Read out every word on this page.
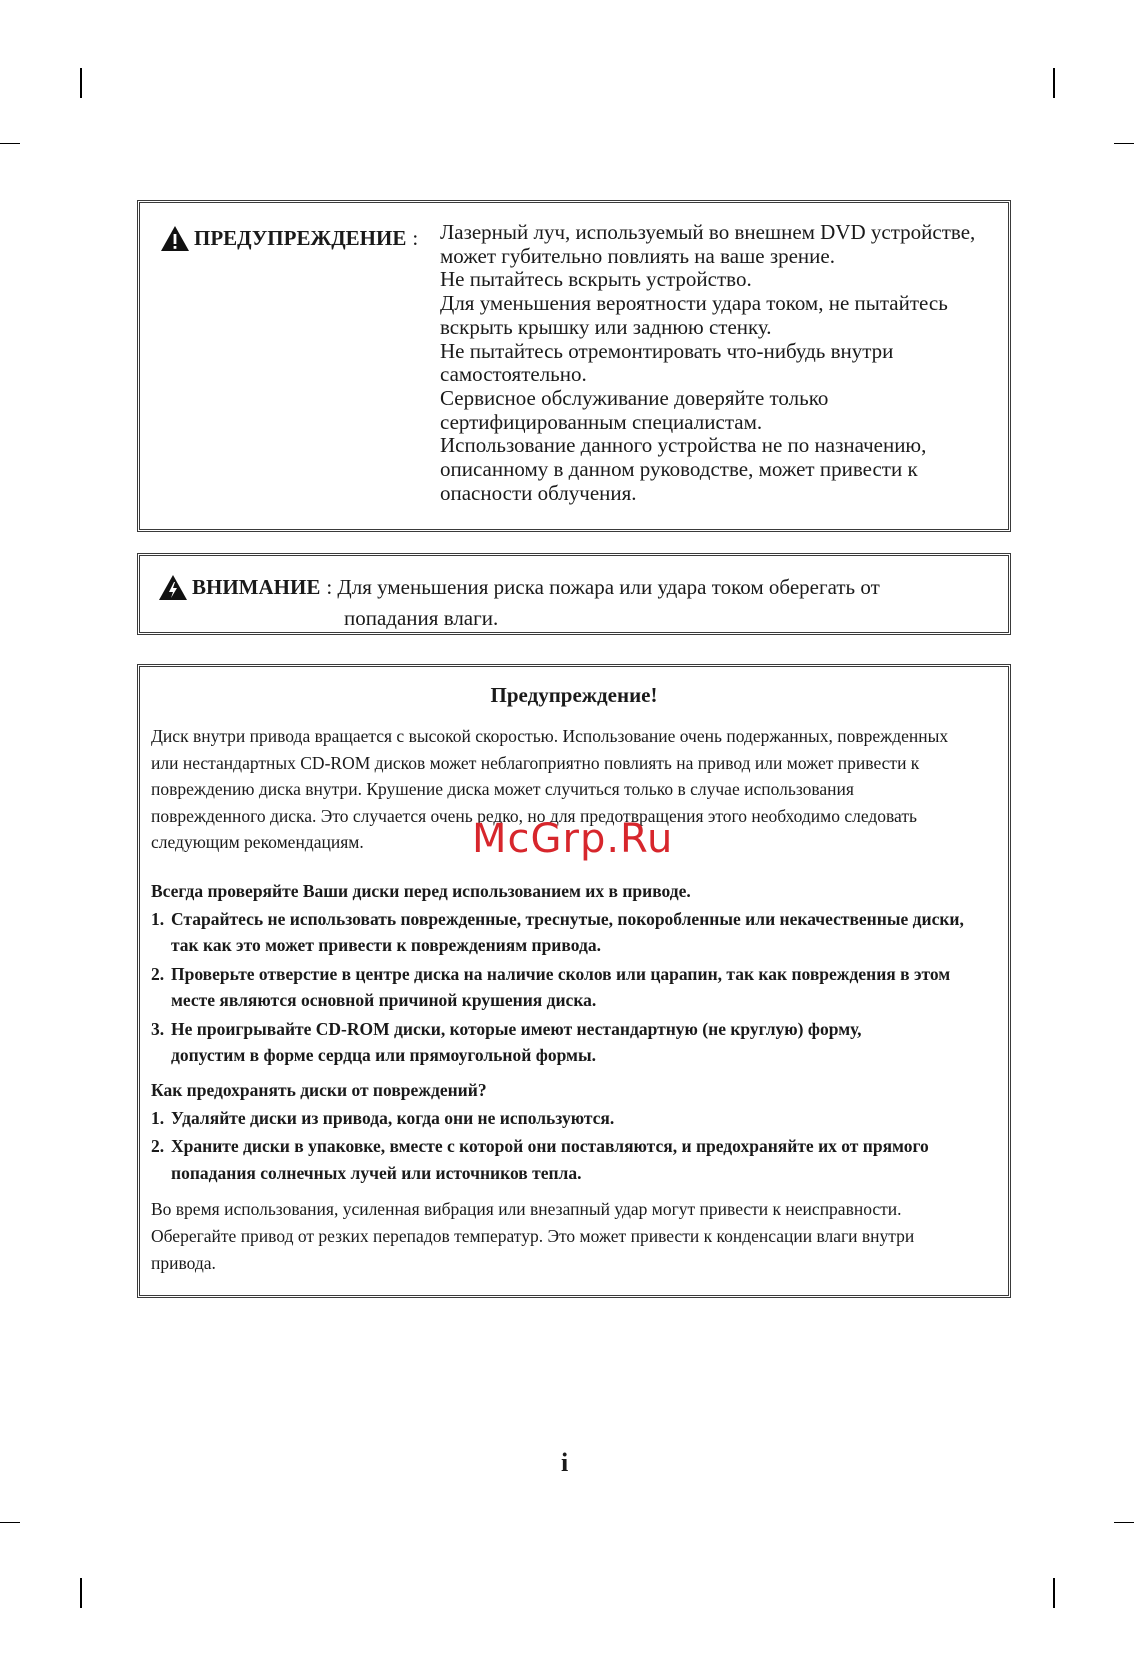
ПРЕДУПРЕЖДЕНИЕ : Лазерный луч, используемый во внешнем DVD устройстве,
может губительно повлиять на ваше зрение.
Не пытайтесь вскрыть устройство.
Для уменьшения вероятности удара током, не пытайтесь
вскрыть крышку или заднюю стенку.
Не пытайтесь отремонтировать что-нибудь внутри
самостоятельно.
Сервисное обслуживание доверяйте только
сертифицированным специалистам.
Использование данного устройства не по назначению,
описанному в данном руководстве, может привести к
опасности облучения.
ВНИМАНИЕ : Для уменьшения риска пожара или удара током оберегать от
попадания влаги.
Предупреждение!
Диск внутри привода вращается с высокой скоростью. Использование очень подержанных, поврежденных
или нестандартных CD-ROM дисков может неблагоприятно повлиять на привод или может привести к
повреждению диска внутри. Крушение диска может случиться только в случае использования
поврежденного диска. Это случается очень редко, но для предотвращения этого необходимо следовать
следующим рекомендациям.
Всегда проверяйте Ваши диски перед использованием их в приводе.
1. Старайтесь не использовать поврежденные, треснутые, покоробленные или некачественные диски,
так как это может привести к повреждениям привода.
2. Проверьте отверстие в центре диска на наличие сколов или царапин, так как повреждения в этом
месте являются основной причиной крушения диска.
3. Не проигрывайте CD-ROM диски, которые имеют нестандартную (не круглую) форму,
допустим в форме сердца или прямоугольной формы.
Как предохранять диски от повреждений?
1. Удаляйте диски из привода, когда они не используются.
2. Храните диски в упаковке, вместе с которой они поставляются, и предохраняйте их от прямого
попадания солнечных лучей или источников тепла.
Во время использования, усиленная вибрация или внезапный удар могут привести к неисправности.
Оберегайте привод от резких перепадов температур. Это может привести к конденсации влаги внутри
привода.
McGrp.Ru
i
